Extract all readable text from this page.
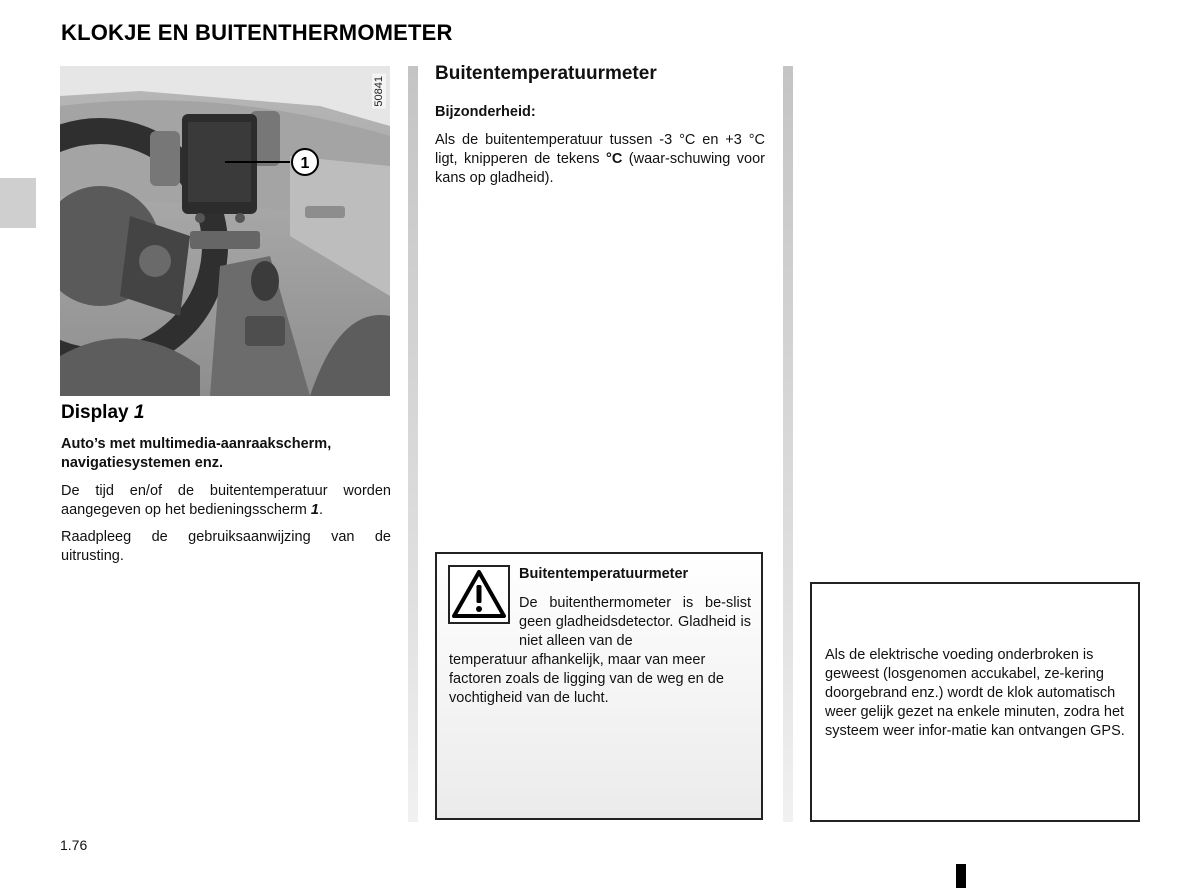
KLOKJE EN BUITENTHERMOMETER
1
50841
Display 1
Auto’s met multimedia-aanraakscherm, navigatiesystemen enz.
De tijd en/of de buitentemperatuur worden aangegeven op het bedieningsscherm 1.
Raadpleeg de gebruiksaanwijzing van de uitrusting.
Buitentemperatuurmeter
Bijzonderheid:
Als de buitentemperatuur tussen -3 °C en +3 °C ligt, knipperen de tekens °C (waar-schuwing voor kans op gladheid).
Buitentemperatuurmeter
De buitenthermometer is be-slist geen gladheidsdetector. Gladheid is niet alleen van de
temperatuur afhankelijk, maar van meer factoren zoals de ligging van de weg en de vochtigheid van de lucht.
Als de elektrische voeding onderbroken is geweest (losgenomen accukabel, ze-kering doorgebrand enz.) wordt de klok automatisch weer gelijk gezet na enkele minuten, zodra het systeem weer infor-matie kan ontvangen GPS.
1.76
